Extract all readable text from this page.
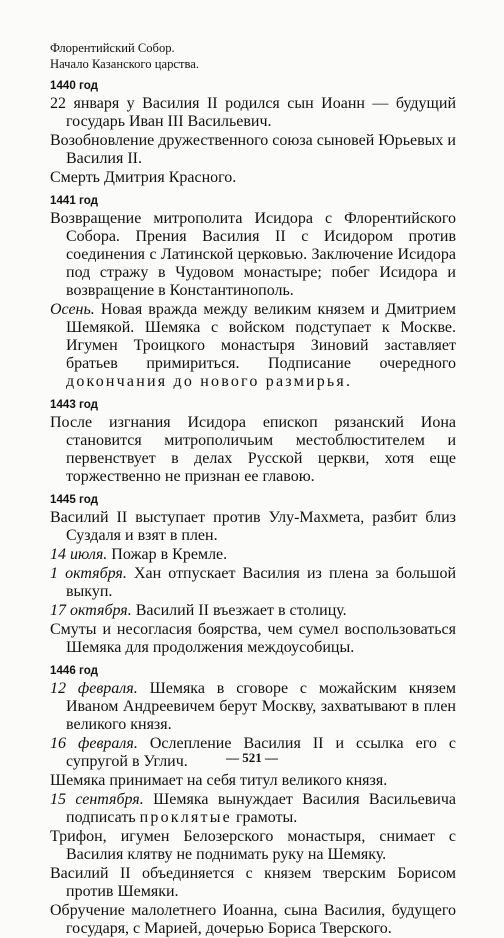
Флорентийский Собор.

Начало Казанского царства.

1440 год

22 января у Василия II родился сын Иоанн — будущий государь Иван III Васильевич.

Возобновление дружественного союза сыновей Юрьевых и Василия II.

Смерть Дмитрия Красного.

1441 год

Возвращение митрополита Исидора с Флорентийского Собора. Прения Василия II с Исидором против соединения с Латинской церковью. Заключение Исидора под стражу в Чудовом монастыре; побег Исидора и возвращение в Константинополь.

Осень. Новая вражда между великим князем и Дмитрием Шемякой. Шемяка с войском подступает к Москве. Игумен Троицкого монастыря Зиновий заставляет братьев примириться. Подписание очередного докончания до нового размирья.

1443 год

После изгнания Исидора епископ рязанский Иона становится митрополичьим местоблюстителем и первенствует в делах Русской церкви, хотя еще торжественно не признан ее главою.

1445 год

Василий II выступает против Улу-Махмета, разбит близ Суздаля и взят в плен.

14 июля. Пожар в Кремле.

1 октября. Хан отпускает Василия из плена за большой выкуп.

17 октября. Василий II въезжает в столицу.

Смуты и несогласия боярства, чем сумел воспользоваться Шемяка для продолжения междоусобицы.

1446 год

12 февраля. Шемяка в сговоре с можайским князем Иваном Андреевичем берут Москву, захватывают в плен великого князя.

16 февраля. Ослепление Василия II и ссылка его с супругой в Углич.

Шемяка принимает на себя титул великого князя.

15 сентября. Шемяка вынуждает Василия Васильевича подписать проклятые грамоты.

Трифон, игумен Белозерского монастыря, снимает с Василия клятву не поднимать руку на Шемяку.

Василий II объединяется с князем тверским Борисом против Шемяки.

Обручение малолетнего Иоанна, сына Василия, будущего государя, с Марией, дочерью Бориса Тверского.

— 521 —
